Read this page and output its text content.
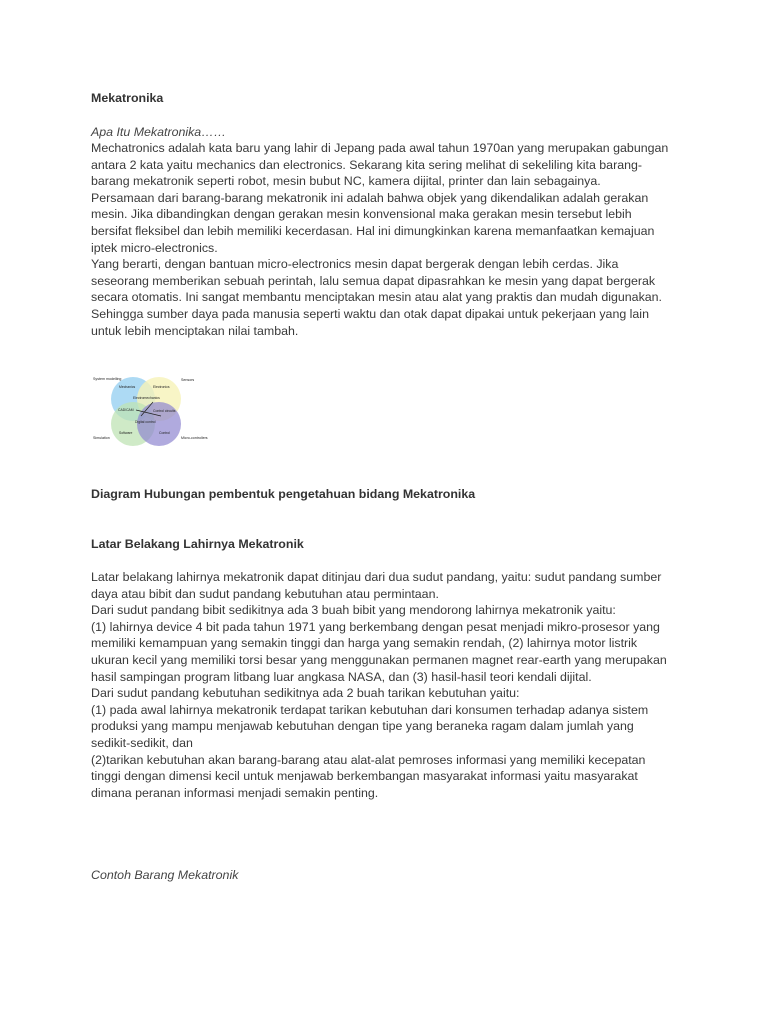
Mekatronika
Apa Itu Mekatronika……
Mechatronics adalah kata baru yang lahir di Jepang pada awal tahun 1970an yang merupakan gabungan
antara 2 kata yaitu mechanics dan electronics. Sekarang kita sering melihat di sekeliling kita barang-
barang mekatronik seperti robot, mesin bubut NC, kamera dijital, printer dan lain sebagainya.
Persamaan dari barang-barang mekatronik ini adalah bahwa objek yang dikendalikan adalah gerakan
mesin. Jika dibandingkan dengan gerakan mesin konvensional maka gerakan mesin tersebut lebih
bersifat fleksibel dan lebih memiliki kecerdasan. Hal ini dimungkinkan karena memanfaatkan kemajuan
iptek micro-electronics.
Yang berarti, dengan bantuan micro-electronics mesin dapat bergerak dengan lebih cerdas. Jika
seseorang memberikan sebuah perintah, lalu semua dapat dipasrahkan ke mesin yang dapat bergerak
secara otomatis. Ini sangat membantu menciptakan mesin atau alat yang praktis dan mudah digunakan.
Sehingga sumber daya pada manusia seperti waktu dan otak dapat dipakai untuk pekerjaan yang lain
untuk lebih menciptakan nilai tambah.
System modelling	Sensors
Mechanics	Electronics
Electromechanics
CAD/CAM	Control circuits
Digital control
Software	Control
Simulation	Micro-controllers
Diagram Hubungan pembentuk pengetahuan bidang Mekatronika
Latar Belakang Lahirnya Mekatronik
Latar belakang lahirnya mekatronik dapat ditinjau dari dua sudut pandang, yaitu: sudut pandang sumber
daya atau bibit dan sudut pandang kebutuhan atau permintaan.
Dari sudut pandang bibit sedikitnya ada 3 buah bibit yang mendorong lahirnya mekatronik yaitu:
(1) lahirnya device 4 bit pada tahun 1971 yang berkembang dengan pesat menjadi mikro-prosesor yang
memiliki kemampuan yang semakin tinggi dan harga yang semakin rendah, (2) lahirnya motor listrik
ukuran kecil yang memiliki torsi besar yang menggunakan permanen magnet rear-earth yang merupakan
hasil sampingan program litbang luar angkasa NASA, dan (3) hasil-hasil teori kendali dijital.
Dari sudut pandang kebutuhan sedikitnya ada 2 buah tarikan kebutuhan yaitu:
(1) pada awal lahirnya mekatronik terdapat tarikan kebutuhan dari konsumen terhadap adanya sistem
produksi yang mampu menjawab kebutuhan dengan tipe yang beraneka ragam dalam jumlah yang
sedikit-sedikit, dan
(2)tarikan kebutuhan akan barang-barang atau alat-alat pemroses informasi yang memiliki kecepatan
tinggi dengan dimensi kecil untuk menjawab berkembangan masyarakat informasi yaitu masyarakat
dimana peranan informasi menjadi semakin penting.
Contoh Barang Mekatronik
